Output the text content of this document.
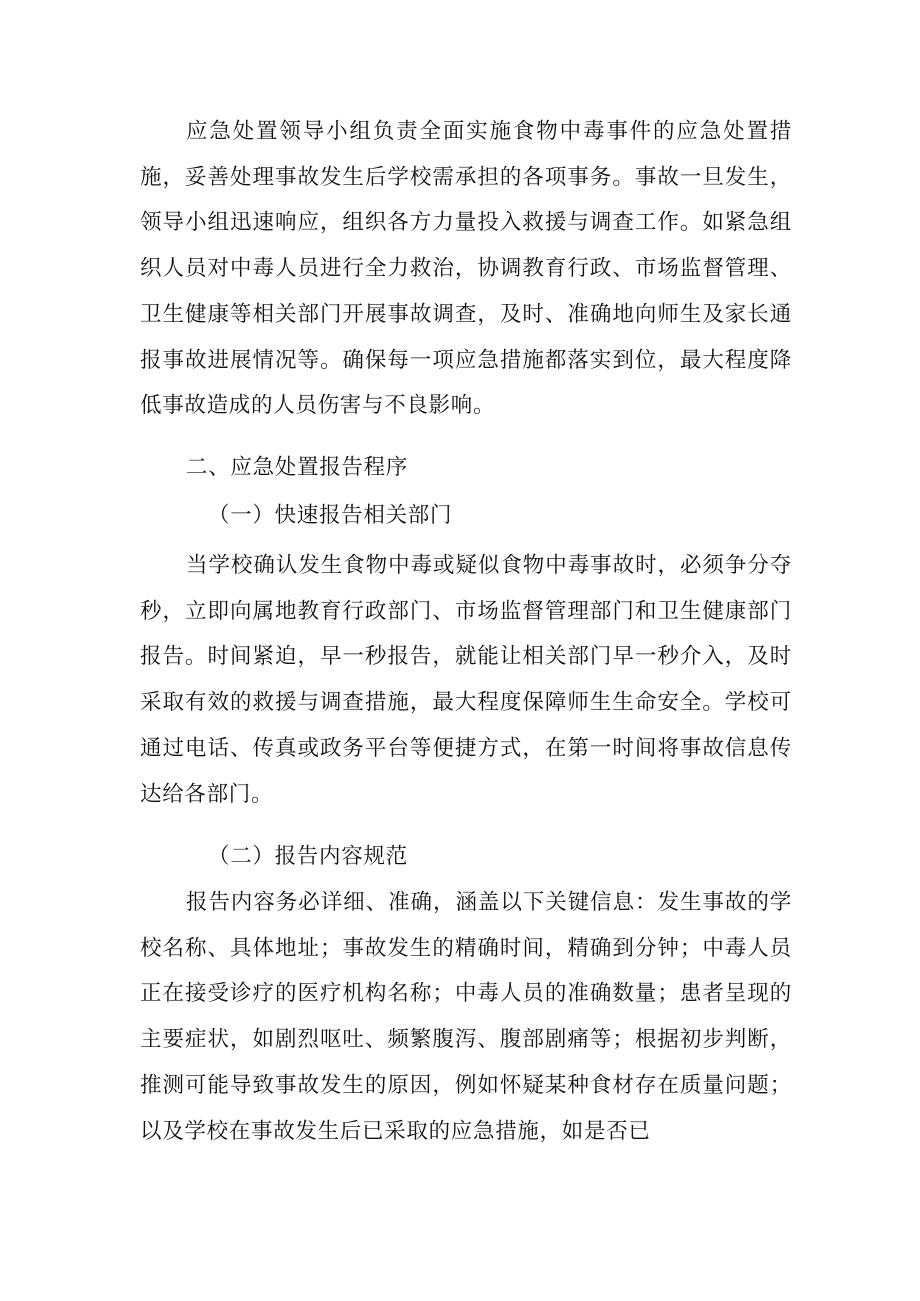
应急处置领导小组负责全面实施食物中毒事件的应急处置措施，妥善处理事故发生后学校需承担的各项事务。事故一旦发生，领导小组迅速响应，组织各方力量投入救援与调查工作。如紧急组织人员对中毒人员进行全力救治，协调教育行政、市场监督管理、卫生健康等相关部门开展事故调查，及时、准确地向师生及家长通报事故进展情况等。确保每一项应急措施都落实到位，最大程度降低事故造成的人员伤害与不良影响。

二、应急处置报告程序

（一）快速报告相关部门

当学校确认发生食物中毒或疑似食物中毒事故时，必须争分夺秒，立即向属地教育行政部门、市场监督管理部门和卫生健康部门报告。时间紧迫，早一秒报告，就能让相关部门早一秒介入，及时采取有效的救援与调查措施，最大程度保障师生生命安全。学校可通过电话、传真或政务平台等便捷方式，在第一时间将事故信息传达给各部门。

（二）报告内容规范

报告内容务必详细、准确，涵盖以下关键信息：发生事故的学校名称、具体地址；事故发生的精确时间，精确到分钟；中毒人员正在接受诊疗的医疗机构名称；中毒人员的准确数量；患者呈现的主要症状，如剧烈呕吐、频繁腹泻、腹部剧痛等；根据初步判断，推测可能导致事故发生的原因，例如怀疑某种食材存在质量问题；以及学校在事故发生后已采取的应急措施，如是否已
